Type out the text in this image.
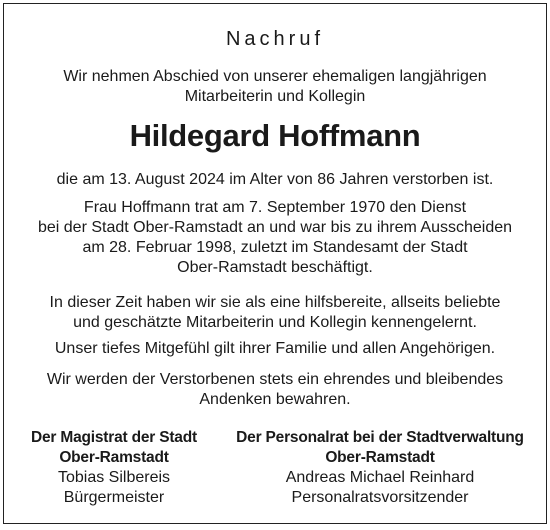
Nachruf
Wir nehmen Abschied von unserer ehemaligen langjährigen
Mitarbeiterin und Kollegin
Hildegard Hoffmann
die am 13. August 2024 im Alter von 86 Jahren verstorben ist.
Frau Hoffmann trat am 7. September 1970 den Dienst
bei der Stadt Ober-Ramstadt an und war bis zu ihrem Ausscheiden
am 28. Februar 1998, zuletzt im Standesamt der Stadt
Ober-Ramstadt beschäftigt.
In dieser Zeit haben wir sie als eine hilfsbereite, allseits beliebte
und geschätzte Mitarbeiterin und Kollegin kennengelernt.
Unser tiefes Mitgefühl gilt ihrer Familie und allen Angehörigen.
Wir werden der Verstorbenen stets ein ehrendes und bleibendes
Andenken bewahren.
Der Magistrat der Stadt
Ober-Ramstadt
Tobias Silbereis
Bürgermeister
Der Personalrat bei der Stadtverwaltung
Ober-Ramstadt
Andreas Michael Reinhard
Personalratsvorsitzender
